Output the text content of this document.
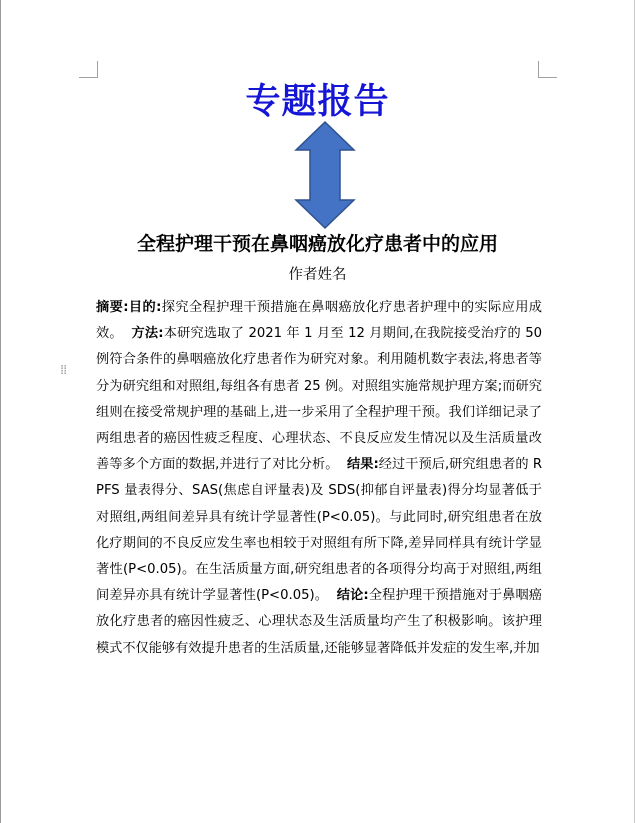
专题报告
全程护理干预在鼻咽癌放化疗患者中的应用
作者姓名
⁞⁞
摘要:目的:探究全程护理干预措施在鼻咽癌放化疗患者护理中的实际应用成效。 方法:本研究选取了 2021 年 1 月至 12 月期间,在我院接受治疗的 50 例符合条件的鼻咽癌放化疗患者作为研究对象。利用随机数字表法,将患者等分为研究组和对照组,每组各有患者 25 例。对照组实施常规护理方案;而研究组则在接受常规护理的基础上,进一步采用了全程护理干预。我们详细记录了两组患者的癌因性疲乏程度、心理状态、不良反应发生情况以及生活质量改善等多个方面的数据,并进行了对比分析。 结果:经过干预后,研究组患者的 RPFS 量表得分、SAS(焦虑自评量表)及 SDS(抑郁自评量表)得分均显著低于对照组,两组间差异具有统计学显著性(P<0.05)。与此同时,研究组患者在放化疗期间的不良反应发生率也相较于对照组有所下降,差异同样具有统计学显著性(P<0.05)。在生活质量方面,研究组患者的各项得分均高于对照组,两组间差异亦具有统计学显著性(P<0.05)。 结论:全程护理干预措施对于鼻咽癌放化疗患者的癌因性疲乏、心理状态及生活质量均产生了积极影响。该护理模式不仅能够有效提升患者的生活质量,还能够显著降低并发症的发生率,并加
